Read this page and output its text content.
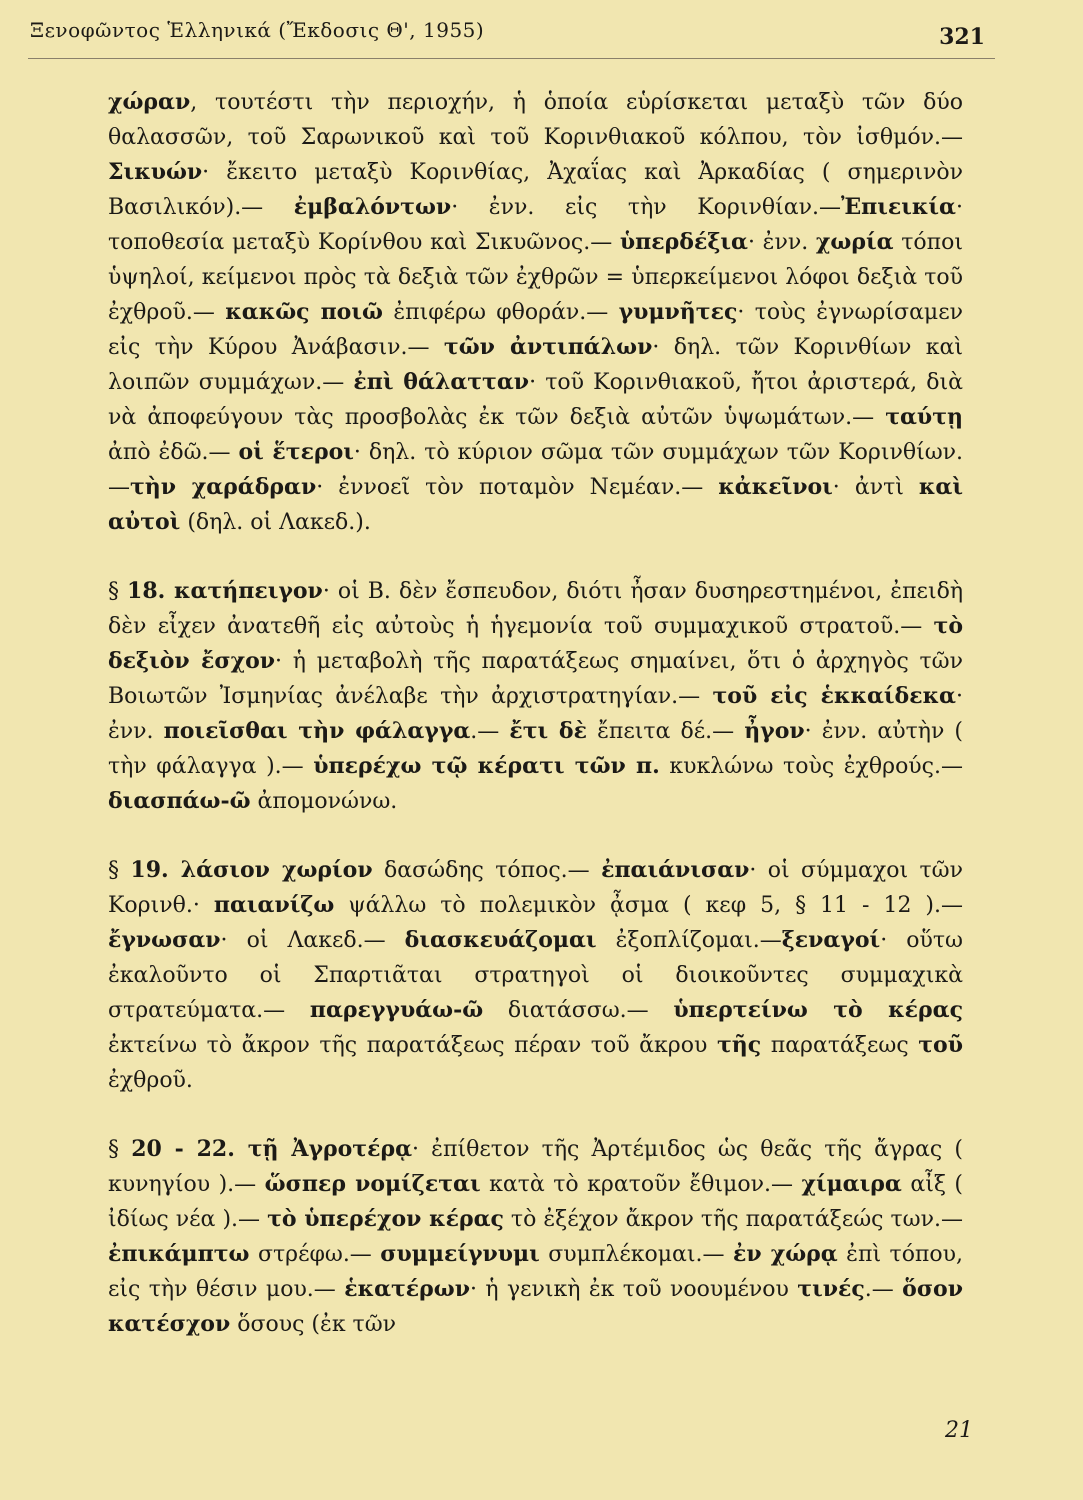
Ξενοφῶντος Ἑλληνικά (Ἔκδοσις Θ', 1955)	321

χώραν, τουτέστι τὴν περιοχήν, ἡ ὁποία εὑρίσκεται μεταξὺ τῶν δύο θαλασσῶν, τοῦ Σαρωνικοῦ καὶ τοῦ Κορινθιακοῦ κόλπου, τὸν ἰσθμόν.— Σικυών· ἔκειτο μεταξὺ Κορινθίας, Ἀχαΐας καὶ Ἀρκαδίας ( σημερινὸν Βασιλικόν).— ἐμβαλόντων· ἐνν. εἰς τὴν Κορινθίαν.—Ἐπιεικία· τοποθεσία μεταξὺ Κορίνθου καὶ Σικυῶνος.— ὑπερδέξια· ἐνν. χωρία τόποι ὑψηλοί, κείμενοι πρὸς τὰ δεξιὰ τῶν ἐχθρῶν = ὑπερκείμενοι λόφοι δεξιὰ τοῦ ἐχθροῦ.— κακῶς ποιῶ ἐπιφέρω φθοράν.— γυμνῆτες· τοὺς ἐγνωρίσαμεν εἰς τὴν Κύρου Ἀνάβασιν.— τῶν ἀντιπάλων· δηλ. τῶν Κορινθίων καὶ λοιπῶν συμμάχων.— ἐπὶ θάλατταν· τοῦ Κορινθιακοῦ, ἤτοι ἀριστερά, διὰ νὰ ἀποφεύγουν τὰς προσβολὰς ἐκ τῶν δεξιὰ αὐτῶν ὑψωμάτων.— ταύτῃ ἀπὸ ἐδῶ.— οἱ ἕτεροι· δηλ. τὸ κύριον σῶμα τῶν συμμάχων τῶν Κορινθίων.—τὴν χαράδραν· ἐννοεῖ τὸν ποταμὸν Νεμέαν.— κἀκεῖνοι· ἀντὶ καὶ αὐτοὶ (δηλ. οἱ Λακεδ.).

§ 18. κατήπειγον· οἱ Β. δὲν ἔσπευδον, διότι ἦσαν δυσηρεστημένοι, ἐπειδὴ δὲν εἶχεν ἀνατεθῆ εἰς αὐτοὺς ἡ ἡγεμονία τοῦ συμμαχικοῦ στρατοῦ.— τὸ δεξιὸν ἔσχον· ἡ μεταβολὴ τῆς παρατάξεως σημαίνει, ὅτι ὁ ἀρχηγὸς τῶν Βοιωτῶν Ἰσμηνίας ἀνέλαβε τὴν ἀρχιστρατηγίαν.— τοῦ εἰς ἑκκαίδεκα· ἐνν. ποιεῖσθαι τὴν φάλαγγα.— ἔτι δὲ ἔπειτα δέ.— ἦγον· ἐνν. αὐτὴν ( τὴν φάλαγγα ).— ὑπερέχω τῷ κέρατι τῶν π. κυκλώνω τοὺς ἐχθρούς.— διασπάω-ῶ ἀπομονώνω.

§ 19. λάσιον χωρίον δασώδης τόπος.— ἐπαιάνισαν· οἱ σύμμαχοι τῶν Κορινθ.· παιανίζω ψάλλω τὸ πολεμικὸν ᾆσμα ( κεφ 5, § 11 - 12 ).— ἔγνωσαν· οἱ Λακεδ.— διασκευάζομαι ἐξοπλίζομαι.—ξεναγοί· οὕτω ἐκαλοῦντο οἱ Σπαρτιᾶται στρατηγοὶ οἱ διοικοῦντες συμμαχικὰ στρατεύματα.— παρεγγυάω-ῶ διατάσσω.— ὑπερτείνω τὸ κέρας ἐκτείνω τὸ ἄκρον τῆς παρατάξεως πέραν τοῦ ἄκρου τῆς παρατάξεως τοῦ ἐχθροῦ.

§ 20 - 22. τῇ Ἀγροτέρᾳ· ἐπίθετον τῆς Ἀρτέμιδος ὡς θεᾶς τῆς ἄγρας ( κυνηγίου ).— ὥσπερ νομίζεται κατὰ τὸ κρατοῦν ἔθιμον.— χίμαιρα αἶξ ( ἰδίως νέα ).— τὸ ὑπερέχον κέρας τὸ ἐξέχον ἄκρον τῆς παρατάξεώς των.— ἐπικάμπτω στρέφω.— συμμείγνυμι συμπλέκομαι.— ἐν χώρᾳ ἐπὶ τόπου, εἰς τὴν θέσιν μου.— ἑκατέρων· ἡ γενικὴ ἐκ τοῦ νοουμένου τινές.— ὅσον κατέσχον ὅσους (ἐκ τῶν

21
